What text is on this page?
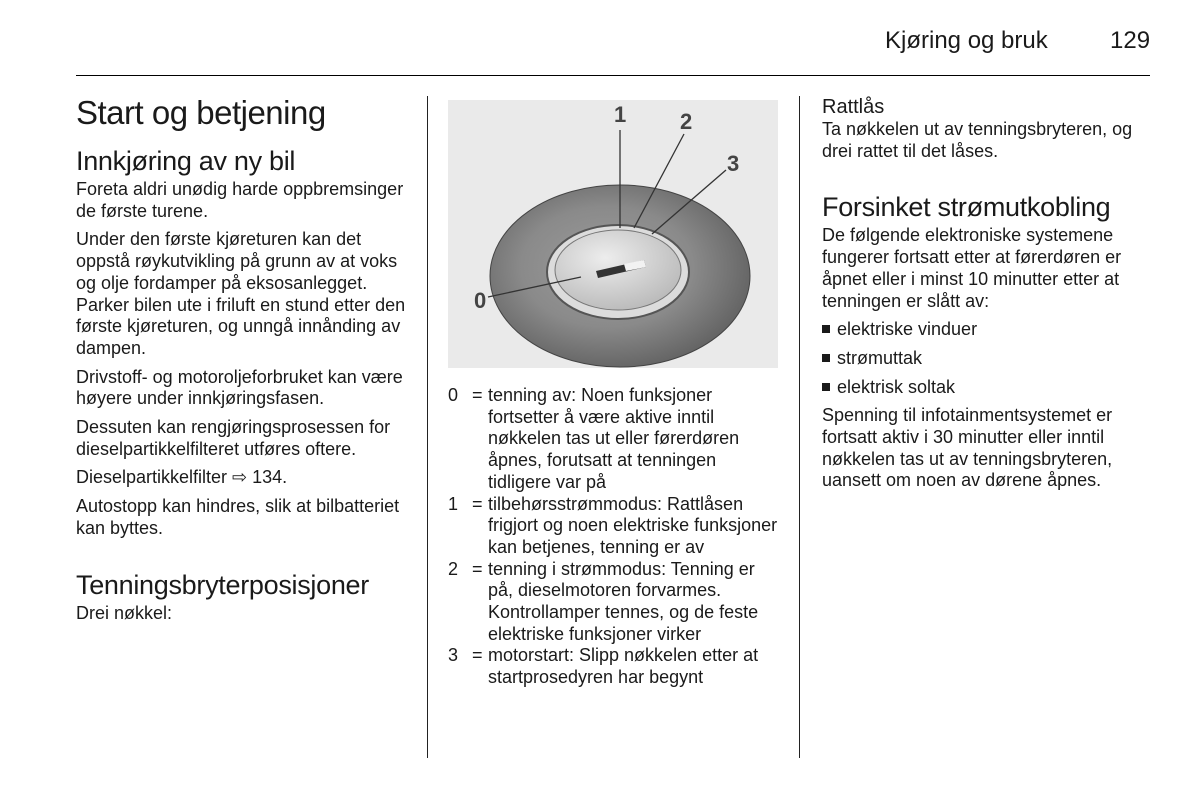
Kjøring og bruk	129
Start og betjening
Innkjøring av ny bil

Foreta aldri unødig harde oppbremsinger de første turene.

Under den første kjøreturen kan det oppstå røykutvikling på grunn av at voks og olje fordamper på eksosanlegget. Parker bilen ute i friluft en stund etter den første kjøreturen, og unngå innånding av dampen.

Drivstoff- og motoroljeforbruket kan være høyere under innkjøringsfasen.

Dessuten kan rengjøringsprosessen for dieselpartikkelfilteret utføres oftere.

Dieselpartikkelfilter ⇨ 134.

Autostopp kan hindres, slik at bilbatteriet kan byttes.

Tenningsbryterposisjoner

Drei nøkkel:

0
1 2
3
0 = tenning av: Noen funksjoner fortsetter å være aktive inntil nøkkelen tas ut eller førerdøren åpnes, forutsatt at tenningen tidligere var på
1 = tilbehørsstrømmodus: Rattlåsen frigjort og noen elektriske funksjoner kan betjenes, tenning er av
2 = tenning i strømmodus: Tenning er på, dieselmotoren forvarmes. Kontrollamper tennes, og de feste elektriske funksjoner virker
3 = motorstart: Slipp nøkkelen etter at startprosedyren har begynt
Rattlås

Ta nøkkelen ut av tenningsbryteren, og drei rattet til det låses.

Forsinket strømutkobling

De følgende elektroniske systemene fungerer fortsatt etter at førerdøren er åpnet eller i minst 10 minutter etter at tenningen er slått av:

elektriske vinduer
strømuttak
elektrisk soltak

Spenning til infotainmentsystemet er fortsatt aktiv i 30 minutter eller inntil nøkkelen tas ut av tenningsbryteren, uansett om noen av dørene åpnes.
